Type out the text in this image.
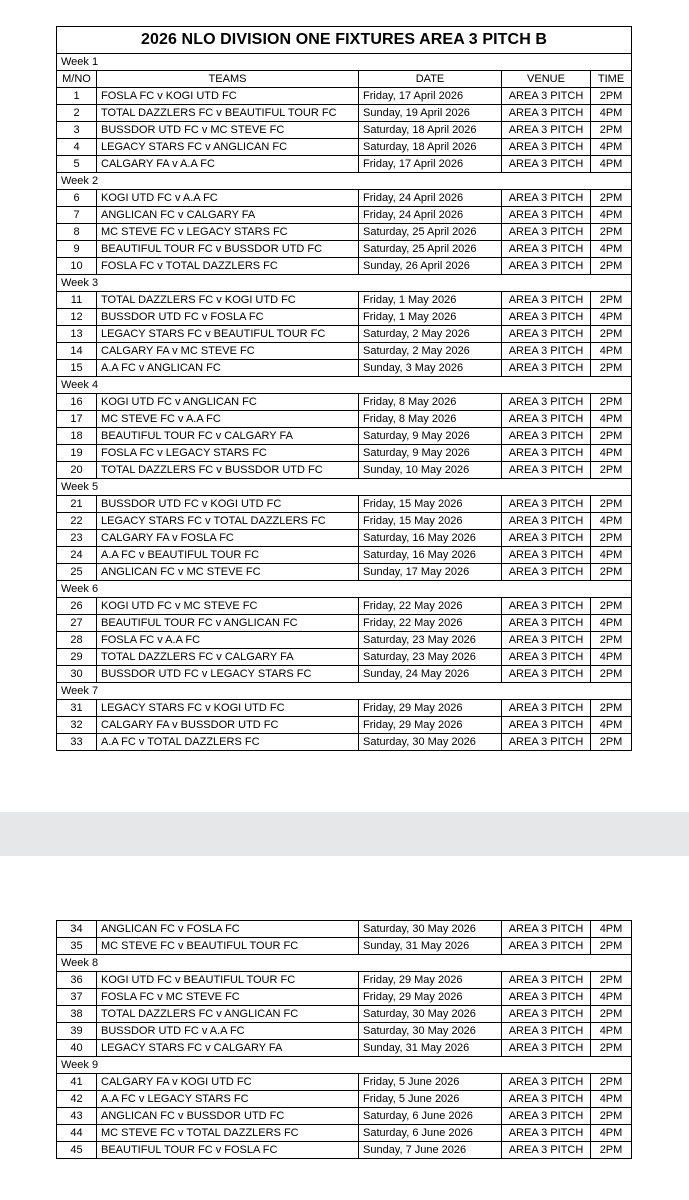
2026 NLO DIVISION ONE FIXTURES AREA 3 PITCH B				
Week 1				
M/NO	TEAMS	DATE	VENUE	TIME
1	FOSLA FC v KOGI UTD FC	Friday, 17 April 2026	AREA 3 PITCH	2PM
2	TOTAL DAZZLERS FC v BEAUTIFUL TOUR FC	Sunday, 19 April 2026	AREA 3 PITCH	4PM
3	BUSSDOR UTD FC v MC STEVE FC	Saturday, 18 April 2026	AREA 3 PITCH	2PM
4	LEGACY STARS FC v ANGLICAN FC	Saturday, 18 April 2026	AREA 3 PITCH	4PM
5	CALGARY FA v A.A FC	Friday, 17 April 2026	AREA 3 PITCH	4PM
Week 2				
6	KOGI UTD FC v A.A FC	Friday, 24 April 2026	AREA 3 PITCH	2PM
7	ANGLICAN FC v CALGARY FA	Friday, 24 April 2026	AREA 3 PITCH	4PM
8	MC STEVE FC v LEGACY STARS FC	Saturday, 25 April 2026	AREA 3 PITCH	2PM
9	BEAUTIFUL TOUR FC v BUSSDOR UTD FC	Saturday, 25 April 2026	AREA 3 PITCH	4PM
10	FOSLA FC v TOTAL DAZZLERS FC	Sunday, 26 April 2026	AREA 3 PITCH	2PM
Week 3				
11	TOTAL DAZZLERS FC v KOGI UTD FC	Friday, 1 May 2026	AREA 3 PITCH	2PM
12	BUSSDOR UTD FC v FOSLA FC	Friday, 1 May 2026	AREA 3 PITCH	4PM
13	LEGACY STARS FC v BEAUTIFUL TOUR FC	Saturday, 2 May 2026	AREA 3 PITCH	2PM
14	CALGARY FA v MC STEVE FC	Saturday, 2 May 2026	AREA 3 PITCH	4PM
15	A.A FC v ANGLICAN FC	Sunday, 3 May 2026	AREA 3 PITCH	2PM
Week 4				
16	KOGI UTD FC v ANGLICAN FC	Friday, 8 May 2026	AREA 3 PITCH	2PM
17	MC STEVE FC v A.A FC	Friday, 8 May 2026	AREA 3 PITCH	4PM
18	BEAUTIFUL TOUR FC v CALGARY FA	Saturday, 9 May 2026	AREA 3 PITCH	2PM
19	FOSLA FC v LEGACY STARS FC	Saturday, 9 May 2026	AREA 3 PITCH	4PM
20	TOTAL DAZZLERS FC v BUSSDOR UTD FC	Sunday, 10 May 2026	AREA 3 PITCH	2PM
Week 5				
21	BUSSDOR UTD FC v KOGI UTD FC	Friday, 15 May 2026	AREA 3 PITCH	2PM
22	LEGACY STARS FC v TOTAL DAZZLERS FC	Friday, 15 May 2026	AREA 3 PITCH	4PM
23	CALGARY FA v FOSLA FC	Saturday, 16 May 2026	AREA 3 PITCH	2PM
24	A.A FC v BEAUTIFUL TOUR FC	Saturday, 16 May 2026	AREA 3 PITCH	4PM
25	ANGLICAN FC v MC STEVE FC	Sunday, 17 May 2026	AREA 3 PITCH	2PM
Week 6				
26	KOGI UTD FC v MC STEVE FC	Friday, 22 May 2026	AREA 3 PITCH	2PM
27	BEAUTIFUL TOUR FC v ANGLICAN FC	Friday, 22 May 2026	AREA 3 PITCH	4PM
28	FOSLA FC v A.A FC	Saturday, 23 May 2026	AREA 3 PITCH	2PM
29	TOTAL DAZZLERS FC v CALGARY FA	Saturday, 23 May 2026	AREA 3 PITCH	4PM
30	BUSSDOR UTD FC v LEGACY STARS FC	Sunday, 24 May 2026	AREA 3 PITCH	2PM
Week 7				
31	LEGACY STARS FC v KOGI UTD FC	Friday, 29 May 2026	AREA 3 PITCH	2PM
32	CALGARY FA v BUSSDOR UTD FC	Friday, 29 May 2026	AREA 3 PITCH	4PM
33	A.A FC v TOTAL DAZZLERS FC	Saturday, 30 May 2026	AREA 3 PITCH	2PM
34	ANGLICAN FC v FOSLA FC	Saturday, 30 May 2026	AREA 3 PITCH	4PM
35	MC STEVE FC v BEAUTIFUL TOUR FC	Sunday, 31 May 2026	AREA 3 PITCH	2PM
Week 8				
36	KOGI UTD FC v BEAUTIFUL TOUR FC	Friday, 29 May 2026	AREA 3 PITCH	2PM
37	FOSLA FC v MC STEVE FC	Friday, 29 May 2026	AREA 3 PITCH	4PM
38	TOTAL DAZZLERS FC v ANGLICAN FC	Saturday, 30 May 2026	AREA 3 PITCH	2PM
39	BUSSDOR UTD FC v A.A FC	Saturday, 30 May 2026	AREA 3 PITCH	4PM
40	LEGACY STARS FC v CALGARY FA	Sunday, 31 May 2026	AREA 3 PITCH	2PM
Week 9				
41	CALGARY FA v KOGI UTD FC	Friday, 5 June 2026	AREA 3 PITCH	2PM
42	A.A FC v LEGACY STARS FC	Friday, 5 June 2026	AREA 3 PITCH	4PM
43	ANGLICAN FC v BUSSDOR UTD FC	Saturday, 6 June 2026	AREA 3 PITCH	2PM
44	MC STEVE FC v TOTAL DAZZLERS FC	Saturday, 6 June 2026	AREA 3 PITCH	4PM
45	BEAUTIFUL TOUR FC v FOSLA FC	Sunday, 7 June 2026	AREA 3 PITCH	2PM
